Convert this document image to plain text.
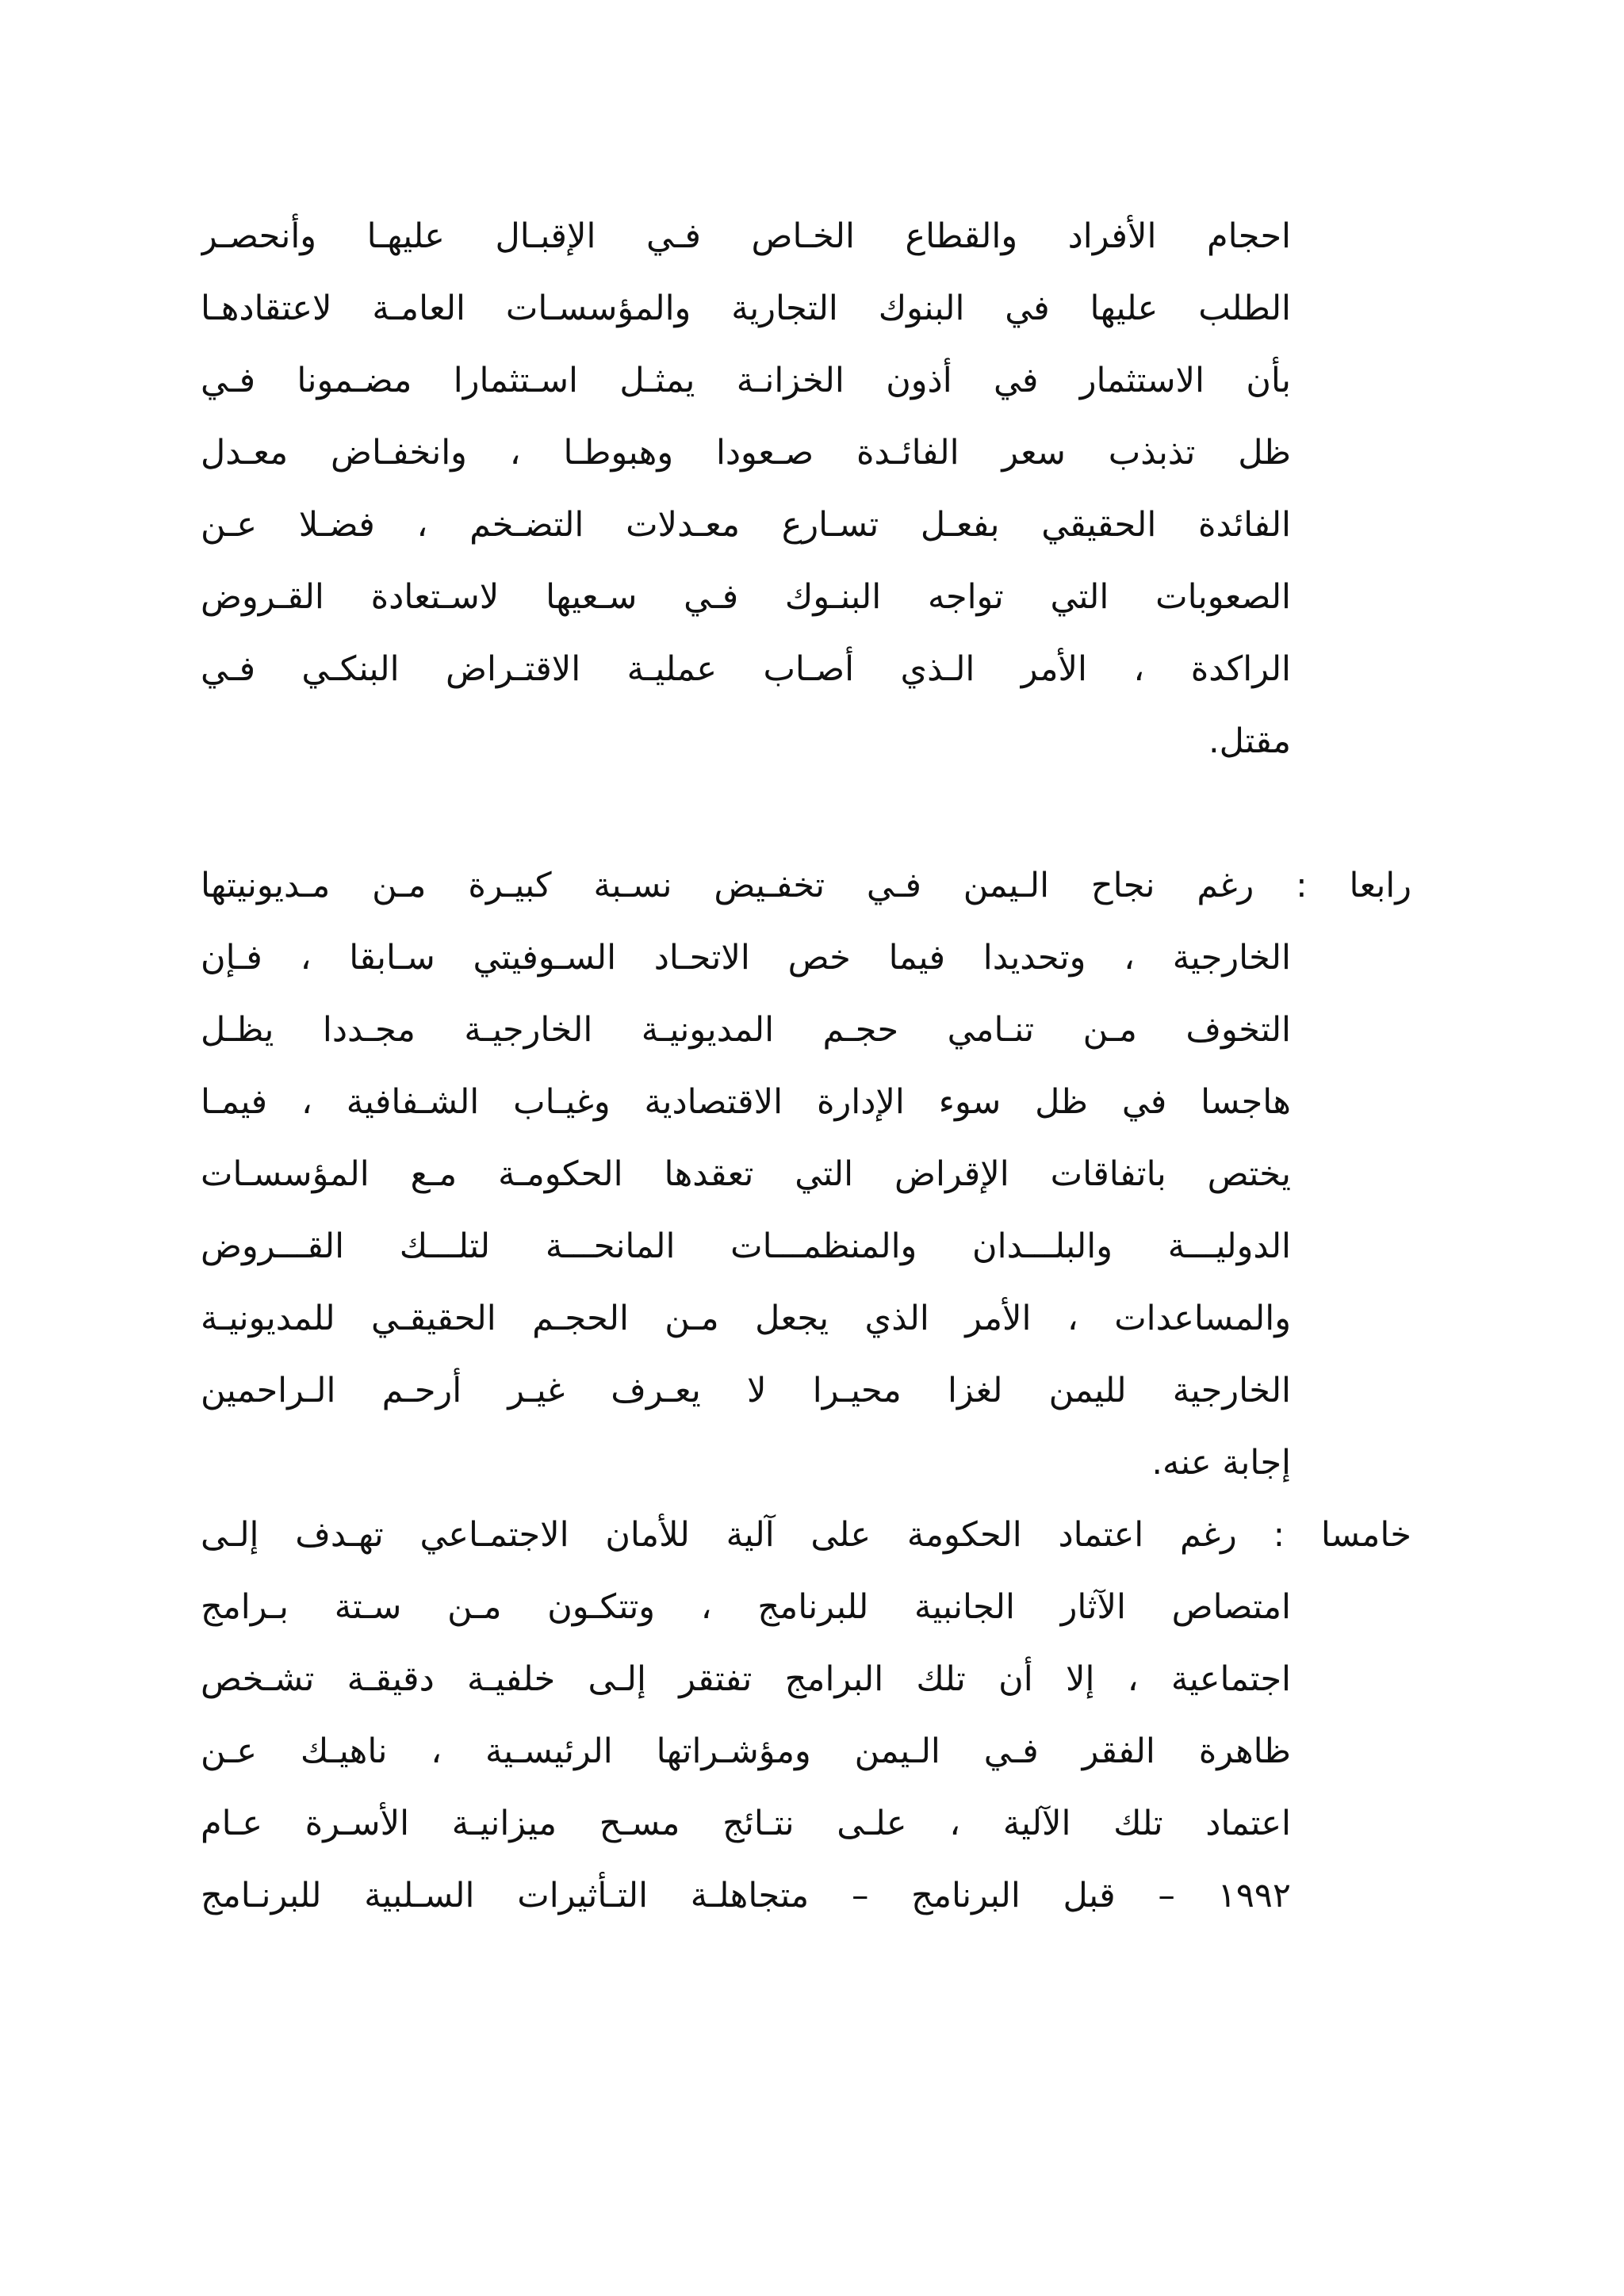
احجام الأفراد والقطاع الخـاص فـي الإقبـال عليهـا وأنحصـر
الطلب عليها في البنوك التجارية والمؤسسـات العامـة لاعتقادهـا
بأن الاستثمار في أذون الخزانـة يمثـل اسـتثمارا مضـمونا فـي
ظل تذبذب سعر الفائـدة صـعودا وهبوطـا ، وانخفـاض معـدل
الفائدة الحقيقي بفعـل تسـارع معـدلات التضـخم ، فضـلا عـن
الصعوبات التي تواجه البنـوك فـي سـعيها لاسـتعادة القـروض
الراكدة ، الأمر الـذي أصـاب عمليـة الاقتـراض البنكـي فـي
مقتل.
رابعا : رغم نجاح الـيمن فـي تخفـيض نسـبة كبيـرة مـن مـديونيتها
الخارجية ، وتحديدا فيما خص الاتحـاد السـوفيتي سـابقا ، فـإن
التخوف مـن تنـامي حجـم المديونيـة الخارجيـة مجـددا يظـل
هاجسا في ظل سوء الإدارة الاقتصادية وغيـاب الشـفافية ، فيمـا
يختص باتفاقات الإقراض التي تعقدها الحكومـة مـع المؤسسـات
الدوليـــة والبلـــدان والمنظمـــات المانحـــة لتلـــك القـــروض
والمساعدات ، الأمر الذي يجعل مـن الحجـم الحقيقـي للمديونيـة
الخارجية لليمن لغزا محيـرا لا يعـرف غيـر أرحـم الـراحمين
إجابة عنه.
خامسا : رغم اعتماد الحكومة على آلية للأمان الاجتمـاعي تهـدف إلـى
امتصاص الآثار الجانبية للبرنامج ، وتتكـون مـن سـتة بـرامج
اجتماعية ، إلا أن تلك البرامج تفتقر إلـى خلفيـة دقيقـة تشـخص
ظاهرة الفقر فـي الـيمن ومؤشـراتها الرئيسـية ، ناهيـك عـن
اعتماد تلك الآلية ، علـى نتـائج مسـح ميزانيـة الأسـرة عـام
١٩٩٢ – قبل البرنامج – متجاهلـة التـأثيرات السـلبية للبرنـامج
